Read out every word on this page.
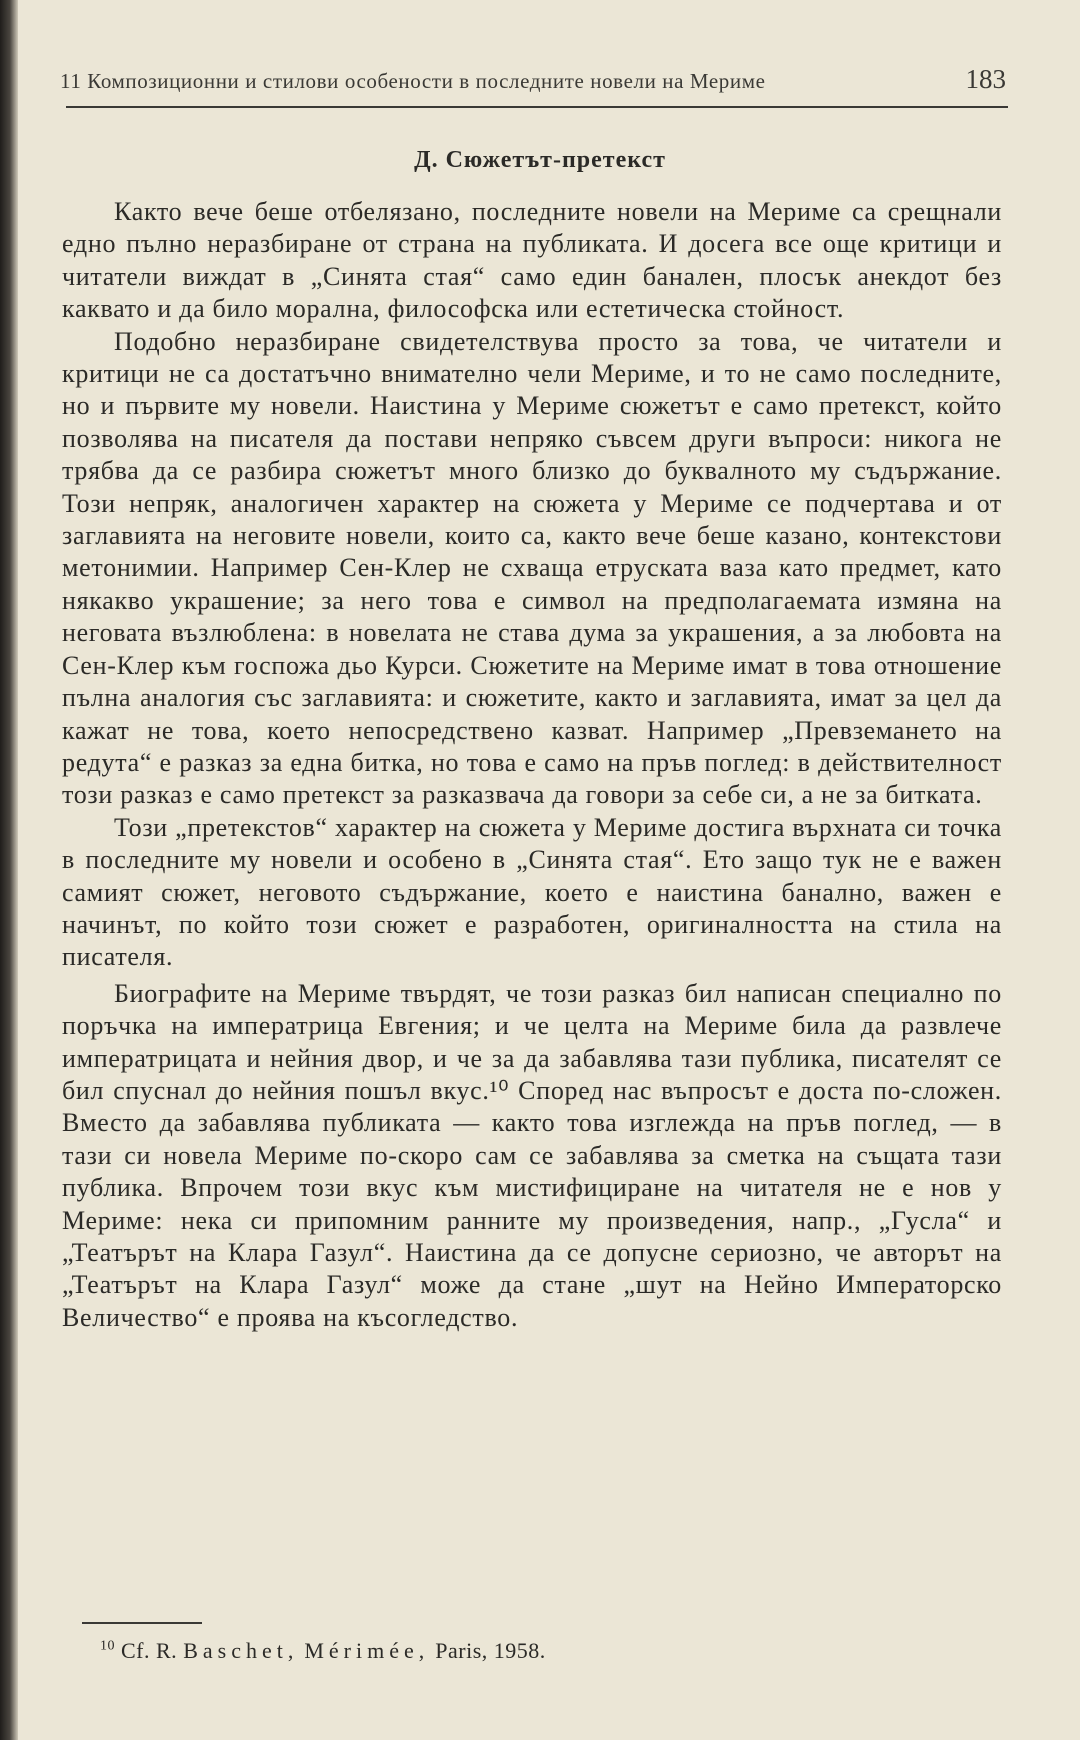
11 Композиционни и стилови особености в последните новели на Мериме	183
Д. Сюжетът-претекст

Както вече беше отбелязано, последните новели на Мериме са срещнали едно пълно неразбиране от страна на публиката. И досега все още критици и читатели виждат в „Синята стая“ само един банален, плосък анекдот без каквато и да било морална, философска или естетическа стойност.

Подобно неразбиране свидетелствува просто за това, че читатели и критици не са достатъчно внимателно чели Мериме, и то не само последните, но и първите му новели. Наистина у Мериме сюжетът е само претекст, който позволява на писателя да постави непряко съвсем други въпроси: никога не трябва да се разбира сюжетът много близко до буквалното му съдържание. Този непряк, аналогичен характер на сюжета у Мериме се подчертава и от заглавията на неговите новели, които са, както вече беше казано, контекстови метонимии. Например Сен-Клер не схваща етруската ваза като предмет, като някакво украшение; за него това е символ на предполагаемата измяна на неговата възлюблена: в новелата не става дума за украшения, а за любовта на Сен-Клер към госпожа дьо Курси. Сюжетите на Мериме имат в това отношение пълна аналогия със заглавията: и сюжетите, както и заглавията, имат за цел да кажат не това, което непосредствено казват. Например „Превземането на редута“ е разказ за една битка, но това е само на пръв поглед: в действителност този разказ е само претекст за разказвача да говори за себе си, а не за битката.

Този „претекстов“ характер на сюжета у Мериме достига върхната си точка в последните му новели и особено в „Синята стая“. Ето защо тук не е важен самият сюжет, неговото съдържание, което е наистина банално, важен е начинът, по който този сюжет е разработен, оригиналността на стила на писателя.

Биографите на Мериме твърдят, че този разказ бил написан специално по поръчка на императрица Евгения; и че целта на Мериме била да развлече императрицата и нейния двор, и че за да забавлява тази публика, писателят се бил спуснал до нейния пошъл вкус.¹⁰ Според нас въпросът е доста по-сложен. Вместо да забавлява публиката — както това изглежда на пръв поглед, — в тази си новела Мериме по-скоро сам се забавлява за сметка на същата тази публика. Впрочем този вкус към мистифициране на читателя не е нов у Мериме: нека си припомним ранните му произведения, напр., „Гусла“ и „Театърът на Клара Газул“. Наистина да се допусне сериозно, че авторът на „Театърът на Клара Газул“ може да стане „шут на Нейно Императорско Величество“ е проява на късогледство.

$^{10}$ Cf. R. Baschet, Mérimée, Paris, 1958.
